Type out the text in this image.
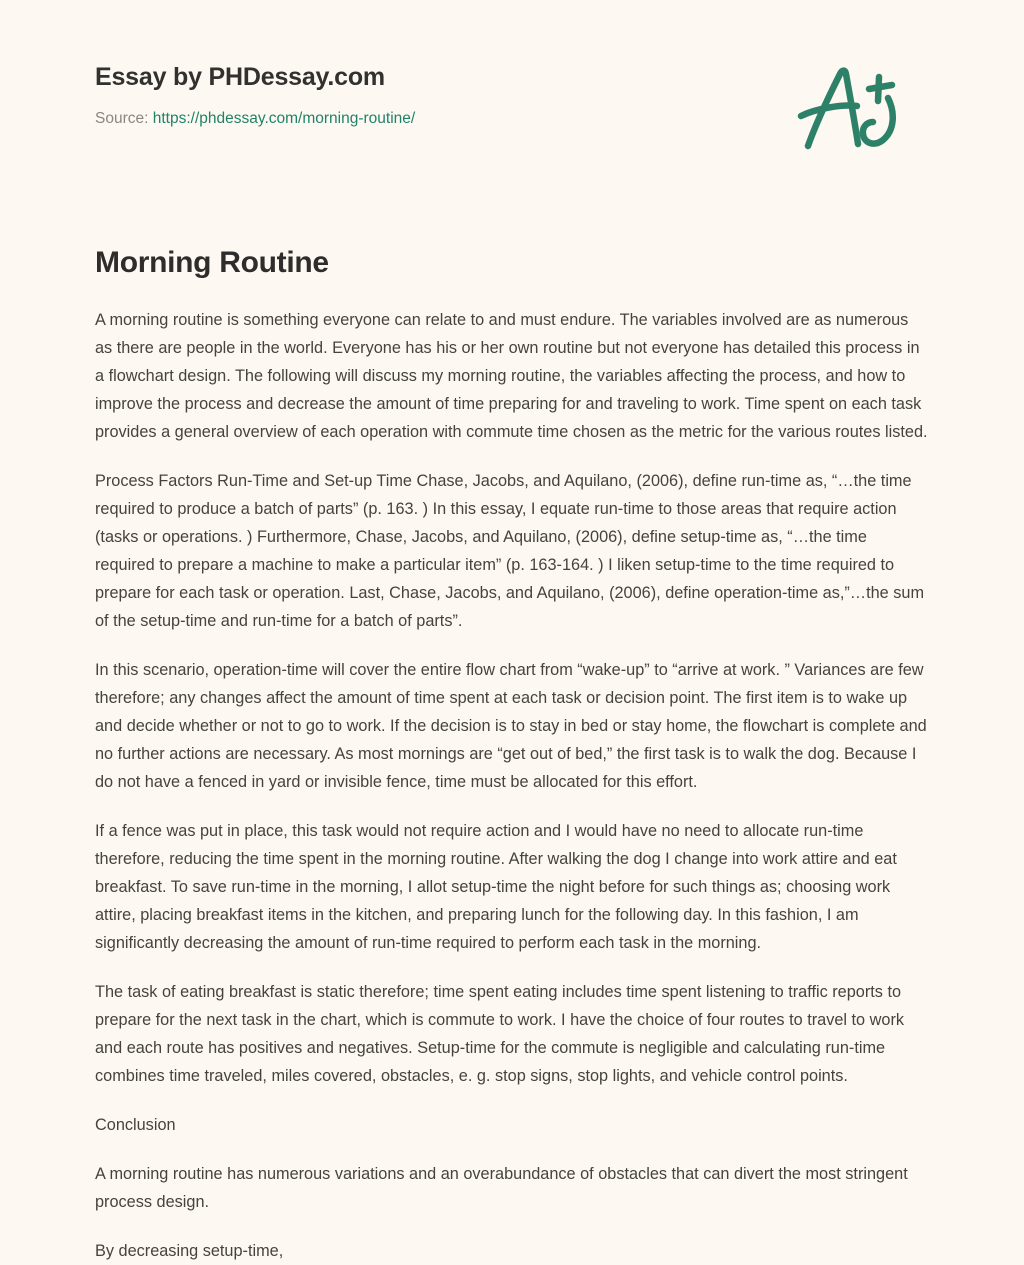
Essay by PHDessay.com
Source: https://phdessay.com/morning-routine/
Morning Routine

A morning routine is something everyone can relate to and must endure. The variables involved are as numerous as there are people in the world. Everyone has his or her own routine but not everyone has detailed this process in a flowchart design. The following will discuss my morning routine, the variables affecting the process, and how to improve the process and decrease the amount of time preparing for and traveling to work. Time spent on each task provides a general overview of each operation with commute time chosen as the metric for the various routes listed.

Process Factors Run-Time and Set-up Time Chase, Jacobs, and Aquilano, (2006), define run-time as, “…the time required to produce a batch of parts” (p. 163. ) In this essay, I equate run-time to those areas that require action (tasks or operations. ) Furthermore, Chase, Jacobs, and Aquilano, (2006), define setup-time as, “…the time required to prepare a machine to make a particular item” (p. 163-164. ) I liken setup-time to the time required to prepare for each task or operation. Last, Chase, Jacobs, and Aquilano, (2006), define operation-time as,”…the sum of the setup-time and run-time for a batch of parts”.

In this scenario, operation-time will cover the entire flow chart from “wake-up” to “arrive at work. ” Variances are few therefore; any changes affect the amount of time spent at each task or decision point. The first item is to wake up and decide whether or not to go to work. If the decision is to stay in bed or stay home, the flowchart is complete and no further actions are necessary. As most mornings are “get out of bed,” the first task is to walk the dog. Because I do not have a fenced in yard or invisible fence, time must be allocated for this effort.

If a fence was put in place, this task would not require action and I would have no need to allocate run-time therefore, reducing the time spent in the morning routine. After walking the dog I change into work attire and eat breakfast. To save run-time in the morning, I allot setup-time the night before for such things as; choosing work attire, placing breakfast items in the kitchen, and preparing lunch for the following day. In this fashion, I am significantly decreasing the amount of run-time required to perform each task in the morning.

The task of eating breakfast is static therefore; time spent eating includes time spent listening to traffic reports to prepare for the next task in the chart, which is commute to work. I have the choice of four routes to travel to work and each route has positives and negatives. Setup-time for the commute is negligible and calculating run-time combines time traveled, miles covered, obstacles, e. g. stop signs, stop lights, and vehicle control points.

Conclusion

A morning routine has numerous variations and an overabundance of obstacles that can divert the most stringent process design.

By decreasing setup-time,
